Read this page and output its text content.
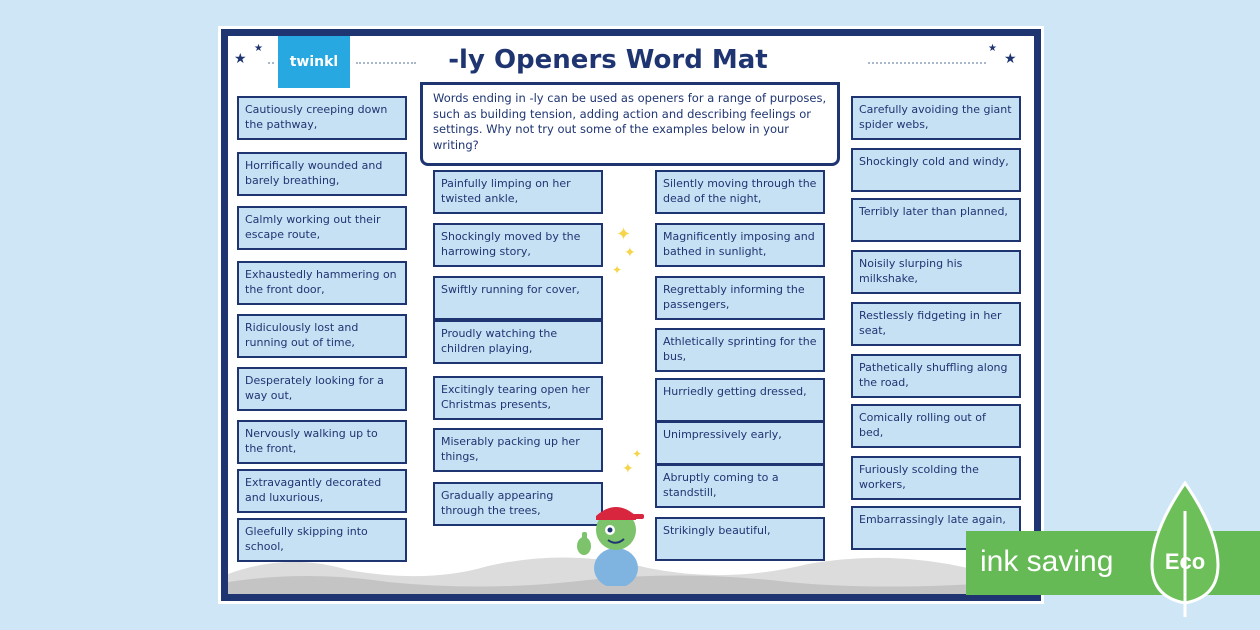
★
★
twinkl	-ly Openers Word Mat	★
★
Words ending in -ly can be used as openers for a range of purposes, such as building tension, adding action and describing feelings or settings. Why not try out some of the examples below in your writing?
Cautiously creeping down the pathway,
Horrifically wounded and barely breathing,
Calmly working out their escape route,
Exhaustedly hammering on the front door,
Ridiculously lost and running out of time,
Desperately looking for a way out,
Nervously walking up to the front,
Extravagantly decorated and luxurious,
Gleefully skipping into school,
Painfully limping on her twisted ankle,
Shockingly moved by the harrowing story,
Swiftly running for cover,
Proudly watching the children playing,
Excitingly tearing open her Christmas presents,
Miserably packing up her things,
Gradually appearing through the trees,
Silently moving through the dead of the night,
Magnificently imposing and bathed in sunlight,
Regrettably informing the passengers,
Athletically sprinting for the bus,
Hurriedly getting dressed,
Unimpressively early,
Abruptly coming to a standstill,
Strikingly beautiful,
Carefully avoiding the giant spider webs,
Shockingly cold and windy,
Terribly later than planned,
Noisily slurping his milkshake,
Restlessly fidgeting in her seat,
Pathetically shuffling along the road,
Comically rolling out of bed,
Furiously scolding the workers,
Embarrassingly late again,
✦
✦
✦
✦
✦
ink saving Eco
